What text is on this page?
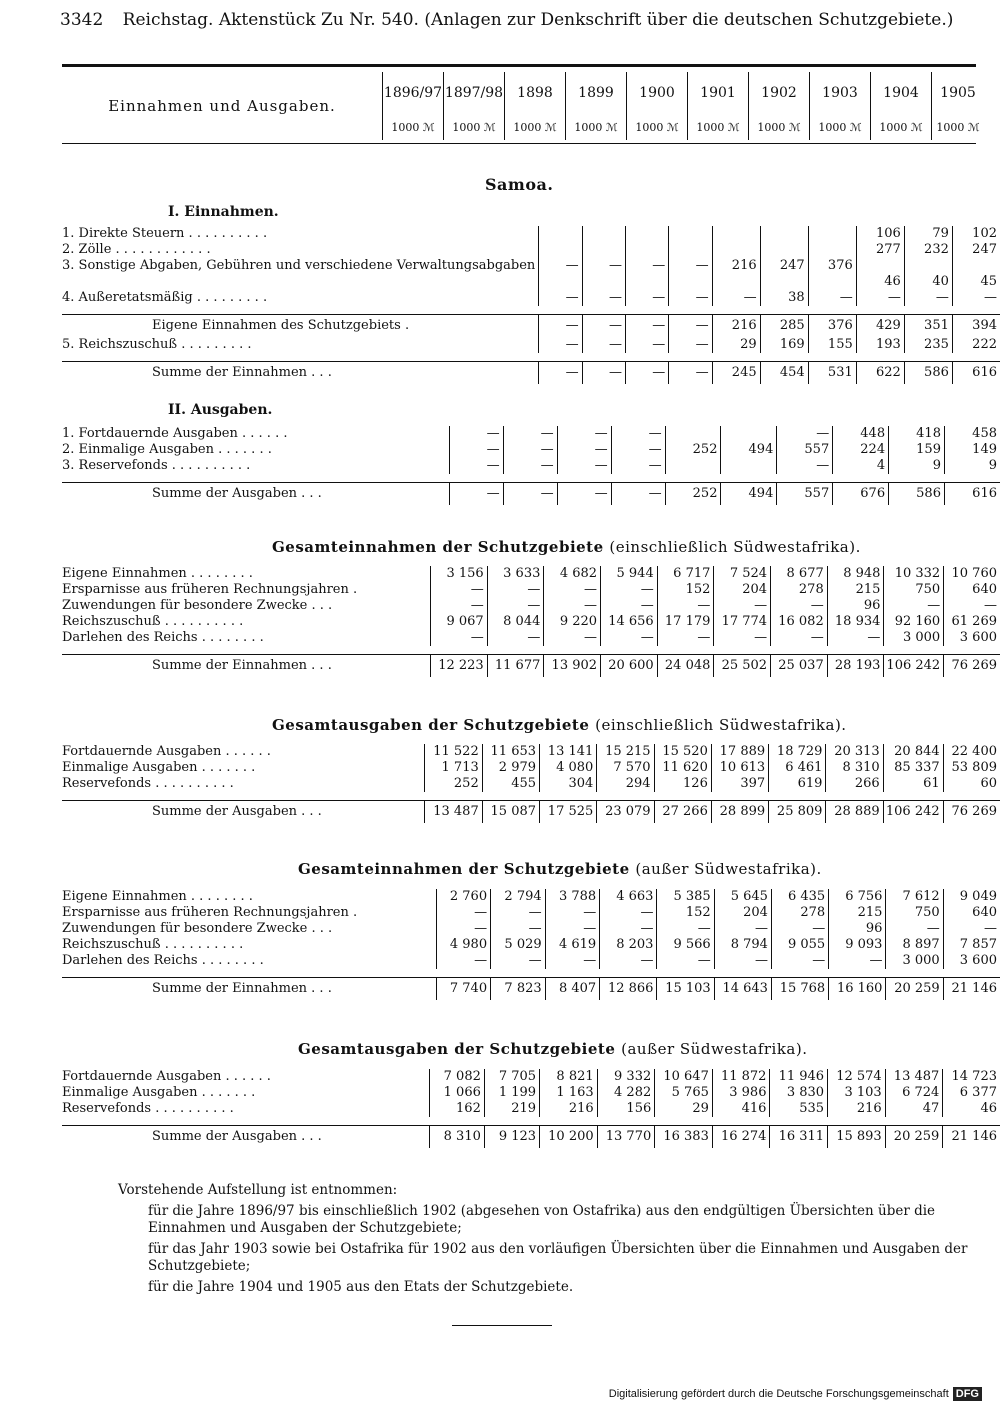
3342 Reichstag. Aktenstück Zu Nr. 540. (Anlagen zur Denkschrift über die deutschen Schutzgebiete.)
Einnahmen und Ausgaben.	1896/97	1897/98	1898	1899	1900	1901	1902	1903	1904	1905
	1000 ℳ	1000 ℳ	1000 ℳ	1000 ℳ	1000 ℳ	1000 ℳ	1000 ℳ	1000 ℳ	1000 ℳ	1000 ℳ
Samoa.
I. Einnahmen.
1. Direkte Steuern . . . . . . . . . .								106	79	102
2. Zölle . . . . . . . . . . . .								277	232	247
3. Sonstige Abgaben, Gebühren und verschiedene Verwaltungsabgaben	—	—	—	—	216	247	376			
								46	40	45
4. Außeretatsmäßig . . . . . . . . .	—	—	—	—	—	38	—	—	—	—

Eigene Einnahmen des Schutzgebiets .	—	—	—	—	216	285	376	429	351	394
5. Reichszuschuß . . . . . . . . .	—	—	—	—	29	169	155	193	235	222

Summe der Einnahmen . . .	—	—	—	—	245	454	531	622	586	616
II. Ausgaben.
1. Fortdauernde Ausgaben . . . . . .	—	—	—	—			—	448	418	458
2. Einmalige Ausgaben . . . . . . .	—	—	—	—	252	494	557	224	159	149
3. Reservefonds . . . . . . . . . .	—	—	—	—			—	4	9	9

Summe der Ausgaben . . .	—	—	—	—	252	494	557	676	586	616
Gesamteinnahmen der Schutzgebiete (einschließlich Südwestafrika).
Eigene Einnahmen . . . . . . . .	3 156	3 633	4 682	5 944	6 717	7 524	8 677	8 948	10 332	10 760
Ersparnisse aus früheren Rechnungsjahren .	—	—	—	—	152	204	278	215	750	640
Zuwendungen für besondere Zwecke . . .	—	—	—	—	—	—	—	96	—	—
Reichszuschuß . . . . . . . . . .	9 067	8 044	9 220	14 656	17 179	17 774	16 082	18 934	92 160	61 269
Darlehen des Reichs . . . . . . . .	—	—	—	—	—	—	—	—	3 000	3 600

Summe der Einnahmen . . .	12 223	11 677	13 902	20 600	24 048	25 502	25 037	28 193	106 242	76 269
Gesamtausgaben der Schutzgebiete (einschließlich Südwestafrika).
Fortdauernde Ausgaben . . . . . .	11 522	11 653	13 141	15 215	15 520	17 889	18 729	20 313	20 844	22 400
Einmalige Ausgaben . . . . . . .	1 713	2 979	4 080	7 570	11 620	10 613	6 461	8 310	85 337	53 809
Reservefonds . . . . . . . . . .	252	455	304	294	126	397	619	266	61	60

Summe der Ausgaben . . .	13 487	15 087	17 525	23 079	27 266	28 899	25 809	28 889	106 242	76 269
Gesamteinnahmen der Schutzgebiete (außer Südwestafrika).
Eigene Einnahmen . . . . . . . .	2 760	2 794	3 788	4 663	5 385	5 645	6 435	6 756	7 612	9 049
Ersparnisse aus früheren Rechnungsjahren .	—	—	—	—	152	204	278	215	750	640
Zuwendungen für besondere Zwecke . . .	—	—	—	—	—	—	—	96	—	—
Reichszuschuß . . . . . . . . . .	4 980	5 029	4 619	8 203	9 566	8 794	9 055	9 093	8 897	7 857
Darlehen des Reichs . . . . . . . .	—	—	—	—	—	—	—	—	3 000	3 600

Summe der Einnahmen . . .	7 740	7 823	8 407	12 866	15 103	14 643	15 768	16 160	20 259	21 146
Gesamtausgaben der Schutzgebiete (außer Südwestafrika).
Fortdauernde Ausgaben . . . . . .	7 082	7 705	8 821	9 332	10 647	11 872	11 946	12 574	13 487	14 723
Einmalige Ausgaben . . . . . . .	1 066	1 199	1 163	4 282	5 765	3 986	3 830	3 103	6 724	6 377
Reservefonds . . . . . . . . . .	162	219	216	156	29	416	535	216	47	46

Summe der Ausgaben . . .	8 310	9 123	10 200	13 770	16 383	16 274	16 311	15 893	20 259	21 146

Vorstehende Aufstellung ist entnommen:

für die Jahre 1896/97 bis einschließlich 1902 (abgesehen von Ostafrika) aus den endgültigen Übersichten über die Einnahmen und Ausgaben der Schutzgebiete;

für das Jahr 1903 sowie bei Ostafrika für 1902 aus den vorläufigen Übersichten über die Einnahmen und Ausgaben der Schutzgebiete;

für die Jahre 1904 und 1905 aus den Etats der Schutzgebiete.

Digitalisierung gefördert durch die Deutsche Forschungsgemeinschaft DFG
